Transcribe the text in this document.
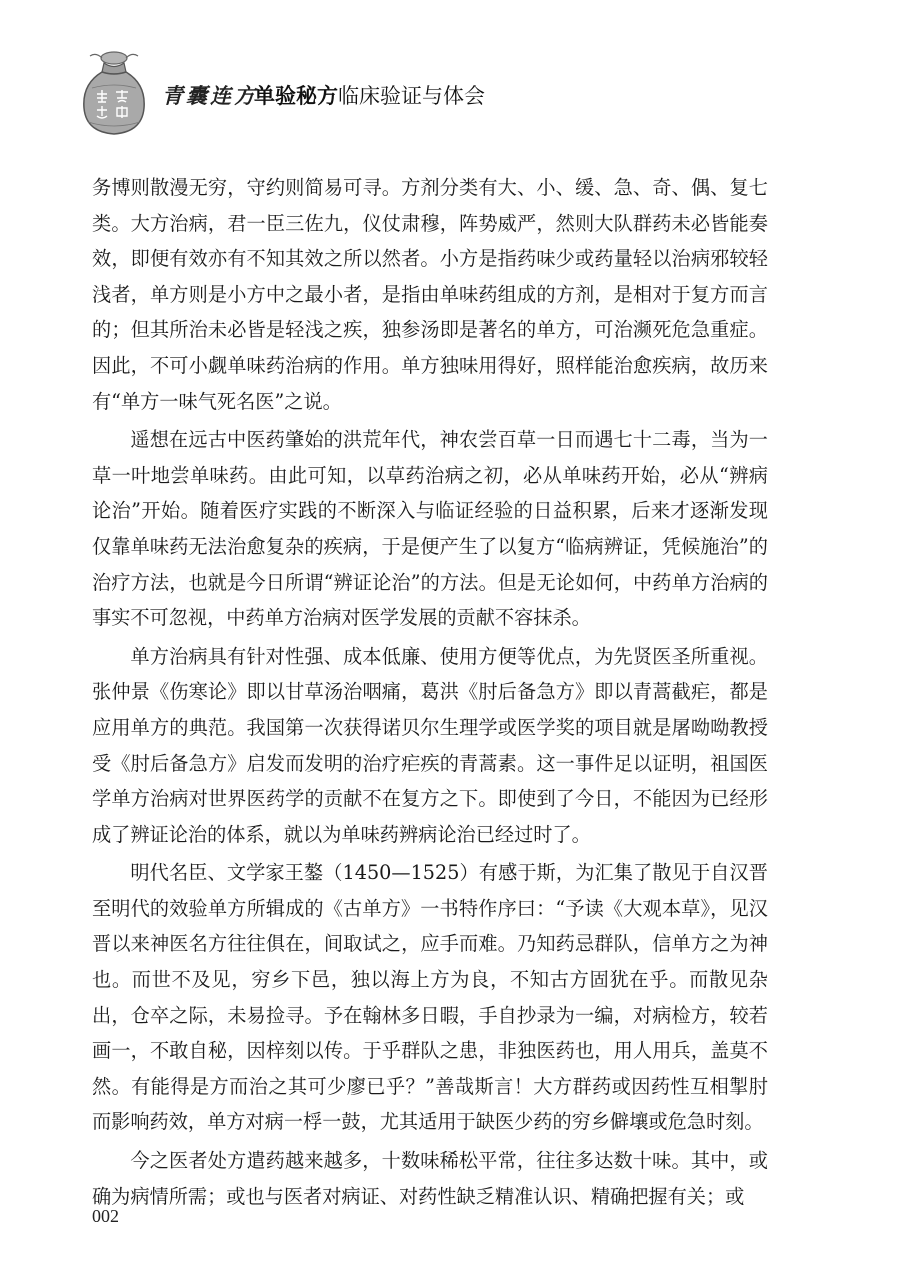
青囊连方
单验秘方临床验证与体会

务博则散漫无穷，守约则简易可寻。方剂分类有大、小、缓、急、奇、偶、复七类。大方治病，君一臣三佐九，仪仗肃穆，阵势威严，然则大队群药未必皆能奏效，即便有效亦有不知其效之所以然者。小方是指药味少或药量轻以治病邪较轻浅者，单方则是小方中之最小者，是指由单味药组成的方剂，是相对于复方而言的；但其所治未必皆是轻浅之疾，独参汤即是著名的单方，可治濒死危急重症。因此，不可小觑单味药治病的作用。单方独味用得好，照样能治愈疾病，故历来有“单方一味气死名医”之说。

遥想在远古中医药肇始的洪荒年代，神农尝百草一日而遇七十二毒，当为一草一叶地尝单味药。由此可知，以草药治病之初，必从单味药开始，必从“辨病论治”开始。随着医疗实践的不断深入与临证经验的日益积累，后来才逐渐发现仅靠单味药无法治愈复杂的疾病，于是便产生了以复方“临病辨证，凭候施治”的治疗方法，也就是今日所谓“辨证论治”的方法。但是无论如何，中药单方治病的事实不可忽视，中药单方治病对医学发展的贡献不容抹杀。

单方治病具有针对性强、成本低廉、使用方便等优点，为先贤医圣所重视。张仲景《伤寒论》即以甘草汤治咽痛，葛洪《肘后备急方》即以青蒿截疟，都是应用单方的典范。我国第一次获得诺贝尔生理学或医学奖的项目就是屠呦呦教授受《肘后备急方》启发而发明的治疗疟疾的青蒿素。这一事件足以证明，祖国医学单方治病对世界医药学的贡献不在复方之下。即使到了今日，不能因为已经形成了辨证论治的体系，就以为单味药辨病论治已经过时了。

明代名臣、文学家王鏊（1450—1525）有感于斯，为汇集了散见于自汉晋至明代的效验单方所辑成的《古单方》一书特作序曰：“予读《大观本草》，见汉晋以来神医名方往往俱在，间取试之，应手而难。乃知药忌群队，信单方之为神也。而世不及见，穷乡下邑，独以海上方为良，不知古方固犹在乎。而散见杂出，仓卒之际，未易捡寻。予在翰林多日暇，手自抄录为一编，对病检方，较若画一，不敢自秘，因梓刻以传。于乎群队之患，非独医药也，用人用兵，盖莫不然。有能得是方而治之其可少廖已乎？”善哉斯言！大方群药或因药性互相掣肘而影响药效，单方对病一桴一鼓，尤其适用于缺医少药的穷乡僻壤或危急时刻。

今之医者处方遣药越来越多，十数味稀松平常，往往多达数十味。其中，或确为病情所需；或也与医者对病证、对药性缺乏精准认识、精确把握有关；或

002
